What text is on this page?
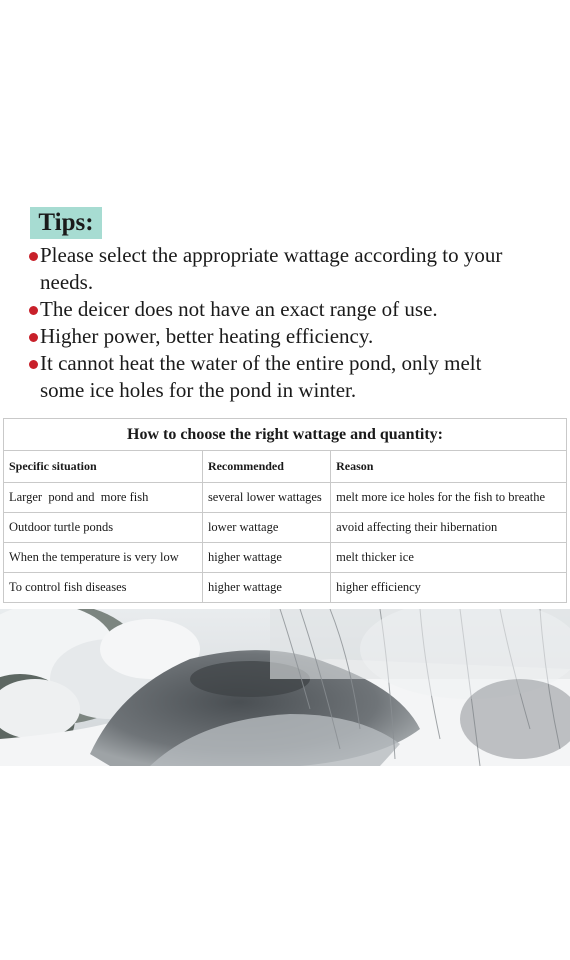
Tips:
Please select the appropriate wattage according to your needs.
The deicer does not have an exact range of use.
Higher power, better heating efficiency.
It cannot heat the water of the entire pond, only melt some ice holes for the pond in winter.
How to choose the right wattage and quantity:		
Specific situation	Recommended	Reason
Larger  pond and  more fish	several lower wattages	melt more ice holes for the fish to breathe
Outdoor turtle ponds	lower wattage	avoid affecting their hibernation
When the temperature is very low	higher wattage	melt thicker ice
To control fish diseases	higher wattage	higher efficiency
